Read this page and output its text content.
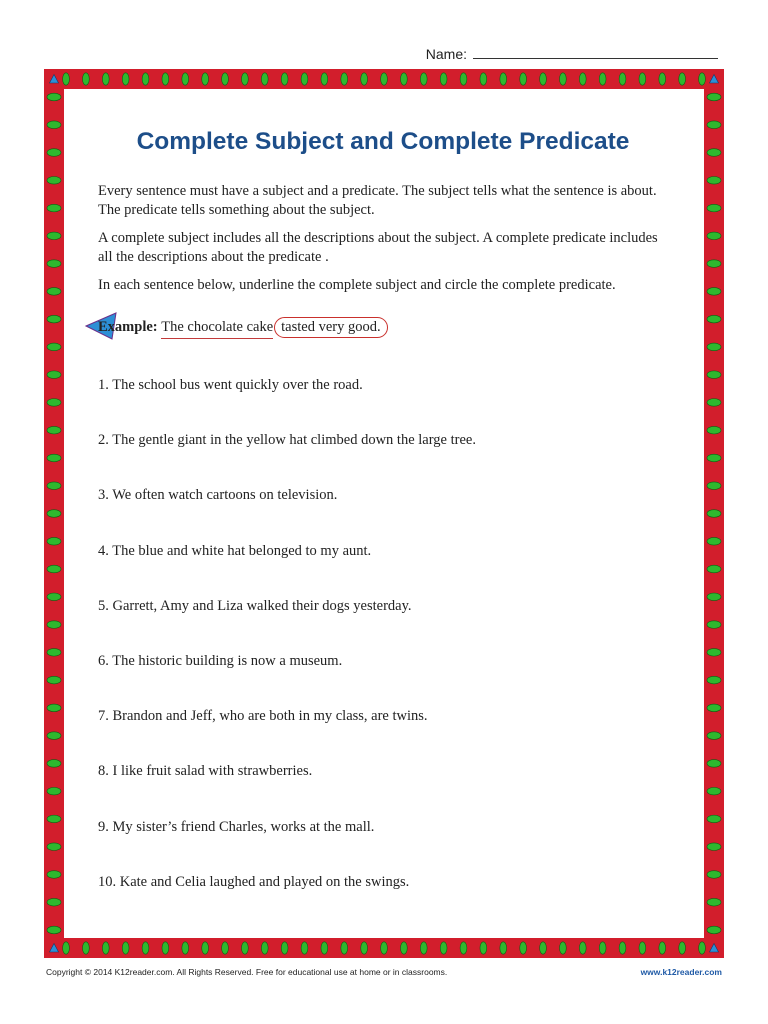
Name:
Complete Subject and Complete Predicate

Every sentence must have a subject and a predicate. The subject tells what the sentence is about. The predicate tells something about the subject.

A complete subject includes all the descriptions about the subject. A complete predicate includes all the descriptions about the predicate .

In each sentence below, underline the complete subject and circle the complete predicate.

Example: The chocolate cake tasted very good.
1. The school bus went quickly over the road.
2. The gentle giant in the yellow hat climbed down the large tree.
3. We often watch cartoons on television.
4. The blue and white hat belonged to my aunt.
5. Garrett, Amy and Liza walked their dogs yesterday.
6. The historic building is now a museum.
7. Brandon and Jeff, who are both in my class, are twins.
8. I like fruit salad with strawberries.
9. My sister’s friend Charles, works at the mall.
10. Kate and Celia laughed and played on the swings.
Copyright © 2014 K12reader.com. All Rights Reserved. Free for educational use at home or in classrooms.	www.k12reader.com
